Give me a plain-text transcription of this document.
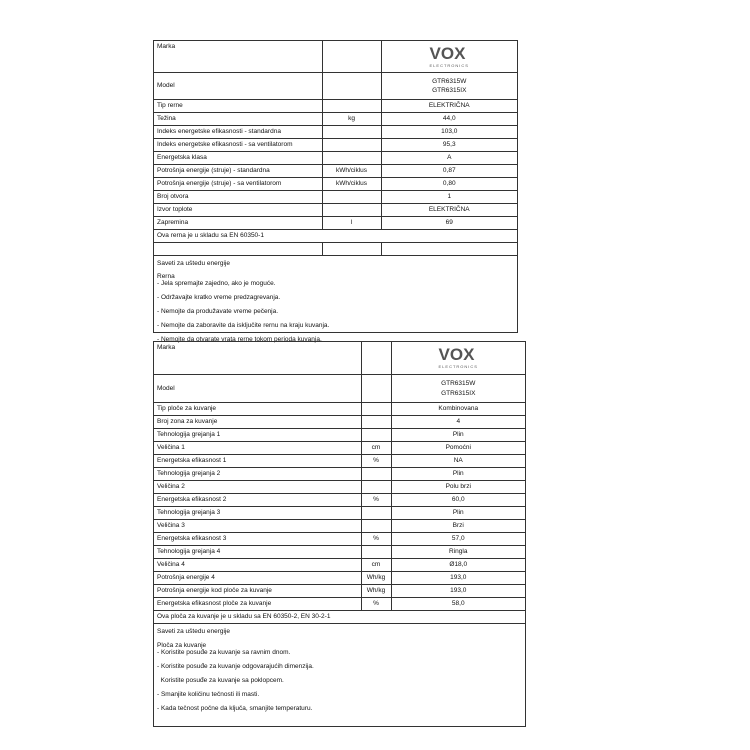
Marka		VOX
ELECTRONICS

Model		GTR6315W
GTR6315IX

Tip rerne		ELEKTRIČNA
Težina	kg	44,0
Indeks energetske efikasnosti - standardna		103,0
Indeks energetske efikasnosti - sa ventilatorom		95,3
Energetska klasa		A
Potrošnja energije (struje) - standardna	kWh/ciklus	0,87
Potrošnja energije (struje) - sa ventilatorom	kWh/ciklus	0,80
Broj otvora		1
Izvor toplote		ELEKTRIČNA
Zapremina	l	69
Ova rerna je u skladu sa EN 60350-1		

Saveti za uštedu energije
Rerna
- Jela spremajte zajedno, ako je moguće.
- Održavajte kratko vreme predzagrevanja.
- Nemojte da produžavate vreme pečenja.
- Nemojte da zaboravite da isključite rernu na kraju kuvanja.
- Nemojte da otvarate vrata rerne tokom perioda kuvanja.
Marka		VOX
ELECTRONICS

Model		GTR6315W
GTR6315IX

Tip ploče za kuvanje		Kombinovana
Broj zona za kuvanje		4
Tehnologija grejanja 1		Plin
Veličina 1	cm	Pomoćni
Energetska efikasnost 1	%	NA
Tehnologija grejanja 2		Plin
Veličina 2		Polu brzi
Energetska efikasnost 2	%	60,0
Tehnologija grejanja 3		Plin
Veličina 3		Brzi
Energetska efikasnost 3	%	57,0
Tehnologija grejanja 4		Ringla
Veličina 4	cm	Ø18,0
Potrošnja energije 4	Wh/kg	193,0
Potrošnja energije kod ploče za kuvanje	Wh/kg	193,0
Energetska efikasnost ploče za kuvanje	%	58,0
Ova ploča za kuvanje je u skladu sa EN 60350-2, EN 30-2-1		
Saveti za uštedu energije
Ploča za kuvanje
- Koristite posuđe za kuvanje sa ravnim dnom.
- Koristite posuđe za kuvanje odgovarajućih dimenzija.
Koristite posuđe za kuvanje sa poklopcem.
- Smanjite količinu tečnosti ili masti.
- Kada tečnost počne da ključa, smanjite temperaturu.
